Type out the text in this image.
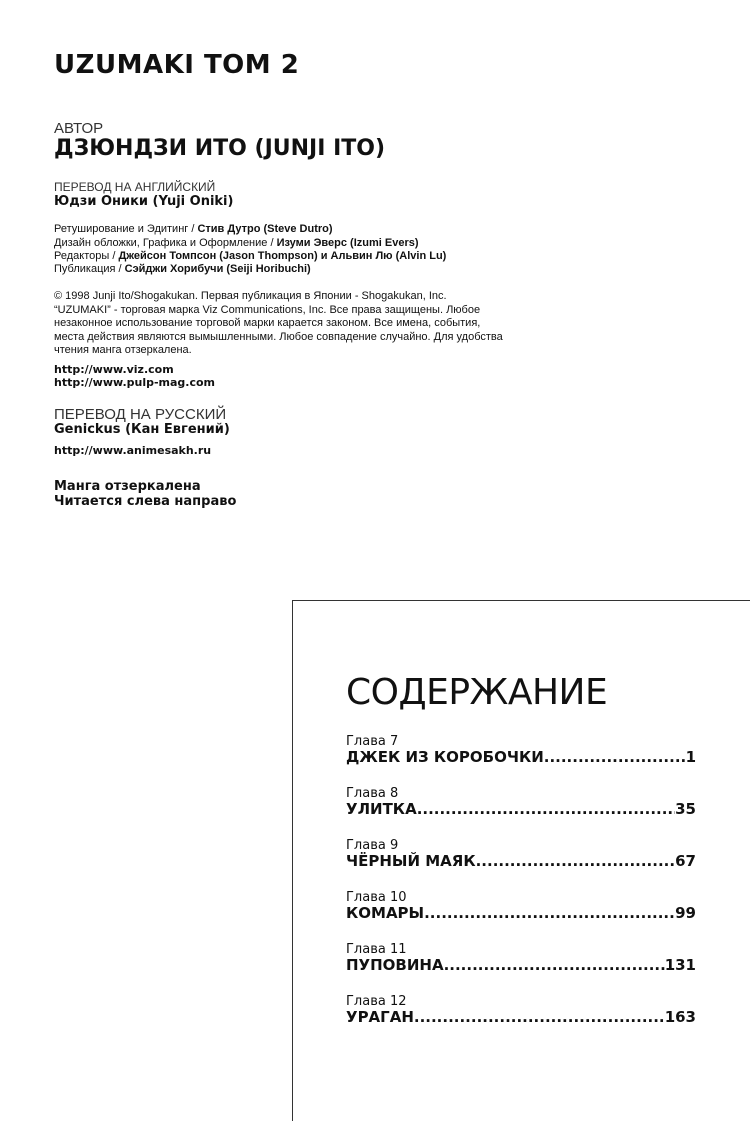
UZUMAKI TOM 2
АВТОР
ДЗЮНДЗИ ИТО (JUNJI ITO)
ПЕРЕВОД НА АНГЛИЙСКИЙ
Юдзи Оники (Yuji Oniki)
Ретуширование и Эдитинг / Стив Дутро (Steve Dutro)
Дизайн обложки, Графика и Оформление / Изуми Эверс (Izumi Evers)
Редакторы / Джейсон Томпсон (Jason Thompson) и Альвин Лю (Alvin Lu)
Публикация / Сэйджи Хорибучи (Seiji Horibuchi)
© 1998 Junji Ito/Shogakukan. Первая публикация в Японии - Shogakukan, Inc. “UZUMAKI” - торговая марка Viz Communications, Inc. Все права защищены. Любое незаконное использование торговой марки карается законом. Все имена, события, места действия являются вымышленными. Любое совпадение случайно. Для удобства чтения манга отзеркалена.
http://www.viz.com
http://www.pulp-mag.com
ПЕРЕВОД НА РУССКИЙ
Genickus (Кан Евгений)
http://www.animesakh.ru
Манга отзеркалена
Читается слева направо
СОДЕРЖАНИЕ
Глава 7
ДЖЕК ИЗ КОРОБОЧКИ .....	1
Глава 8
УЛИТКА .....	35
Глава 9
ЧЁРНЫЙ МАЯК .....	67
Глава 10
КОМАРЫ .....	99
Глава 11
ПУПОВИНА .....	131
Глава 12
УРАГАН .....	163
